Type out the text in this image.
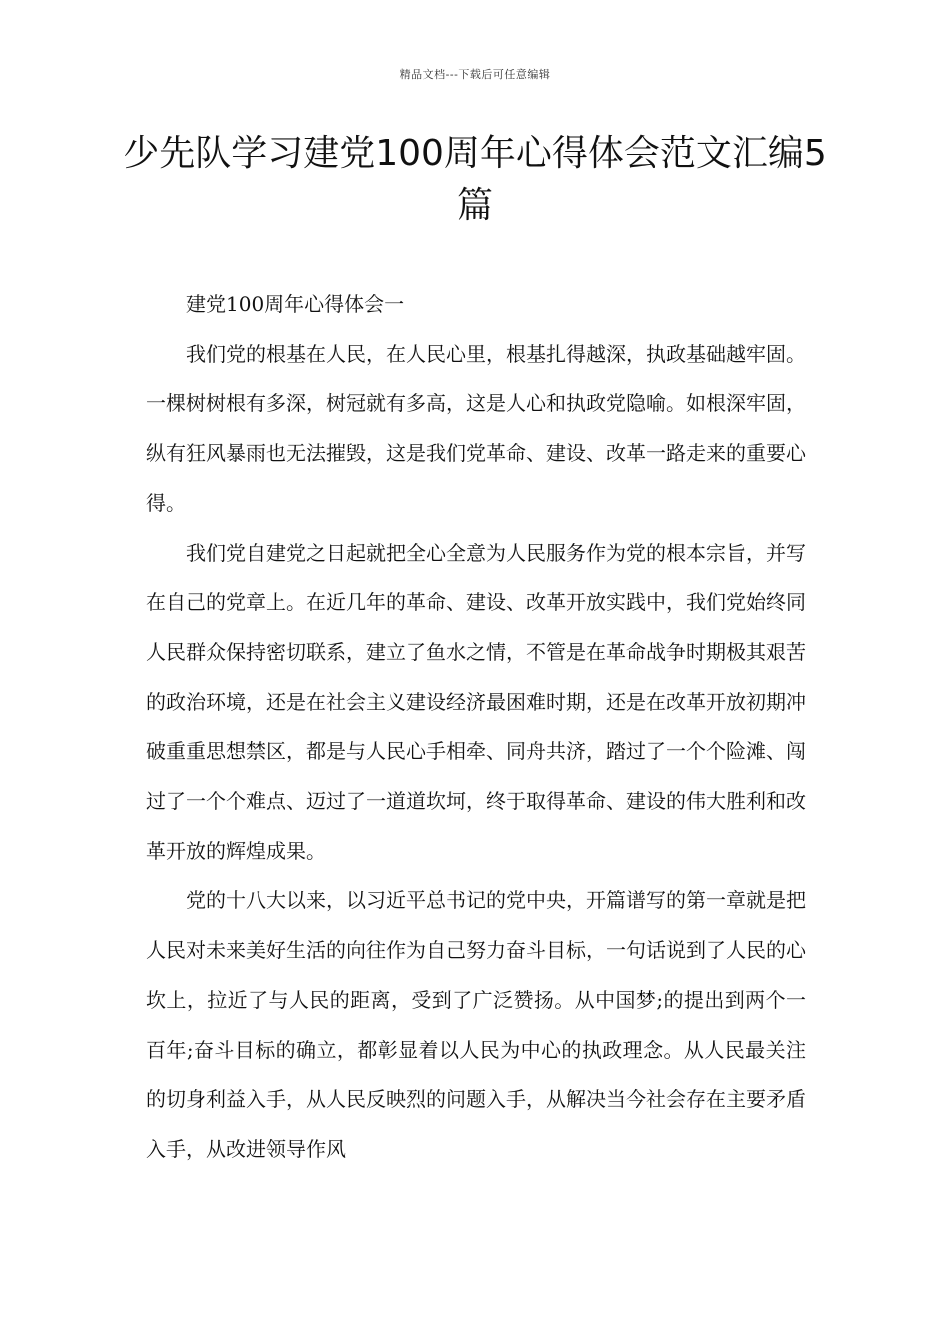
精品文档---下载后可任意编辑
少先队学习建党100周年心得体会范文汇编5篇
建党100周年心得体会一

我们党的根基在人民，在人民心里，根基扎得越深，执政基础越牢固。一棵树树根有多深，树冠就有多高，这是人心和执政党隐喻。如根深牢固，纵有狂风暴雨也无法摧毁，这是我们党革命、建设、改革一路走来的重要心得。

我们党自建党之日起就把全心全意为人民服务作为党的根本宗旨，并写在自己的党章上。在近几年的革命、建设、改革开放实践中，我们党始终同人民群众保持密切联系，建立了鱼水之情，不管是在革命战争时期极其艰苦的政治环境，还是在社会主义建设经济最困难时期，还是在改革开放初期冲破重重思想禁区，都是与人民心手相牵、同舟共济，踏过了一个个险滩、闯过了一个个难点、迈过了一道道坎坷，终于取得革命、建设的伟大胜利和改革开放的辉煌成果。

党的十八大以来，以习近平总书记的党中央，开篇谱写的第一章就是把人民对未来美好生活的向往作为自己努力奋斗目标，一句话说到了人民的心坎上，拉近了与人民的距离，受到了广泛赞扬。从中国梦;的提出到两个一百年;奋斗目标的确立，都彰显着以人民为中心的执政理念。从人民最关注的切身利益入手，从人民反映烈的问题入手，从解决当今社会存在主要矛盾入手，从改进领导作风
